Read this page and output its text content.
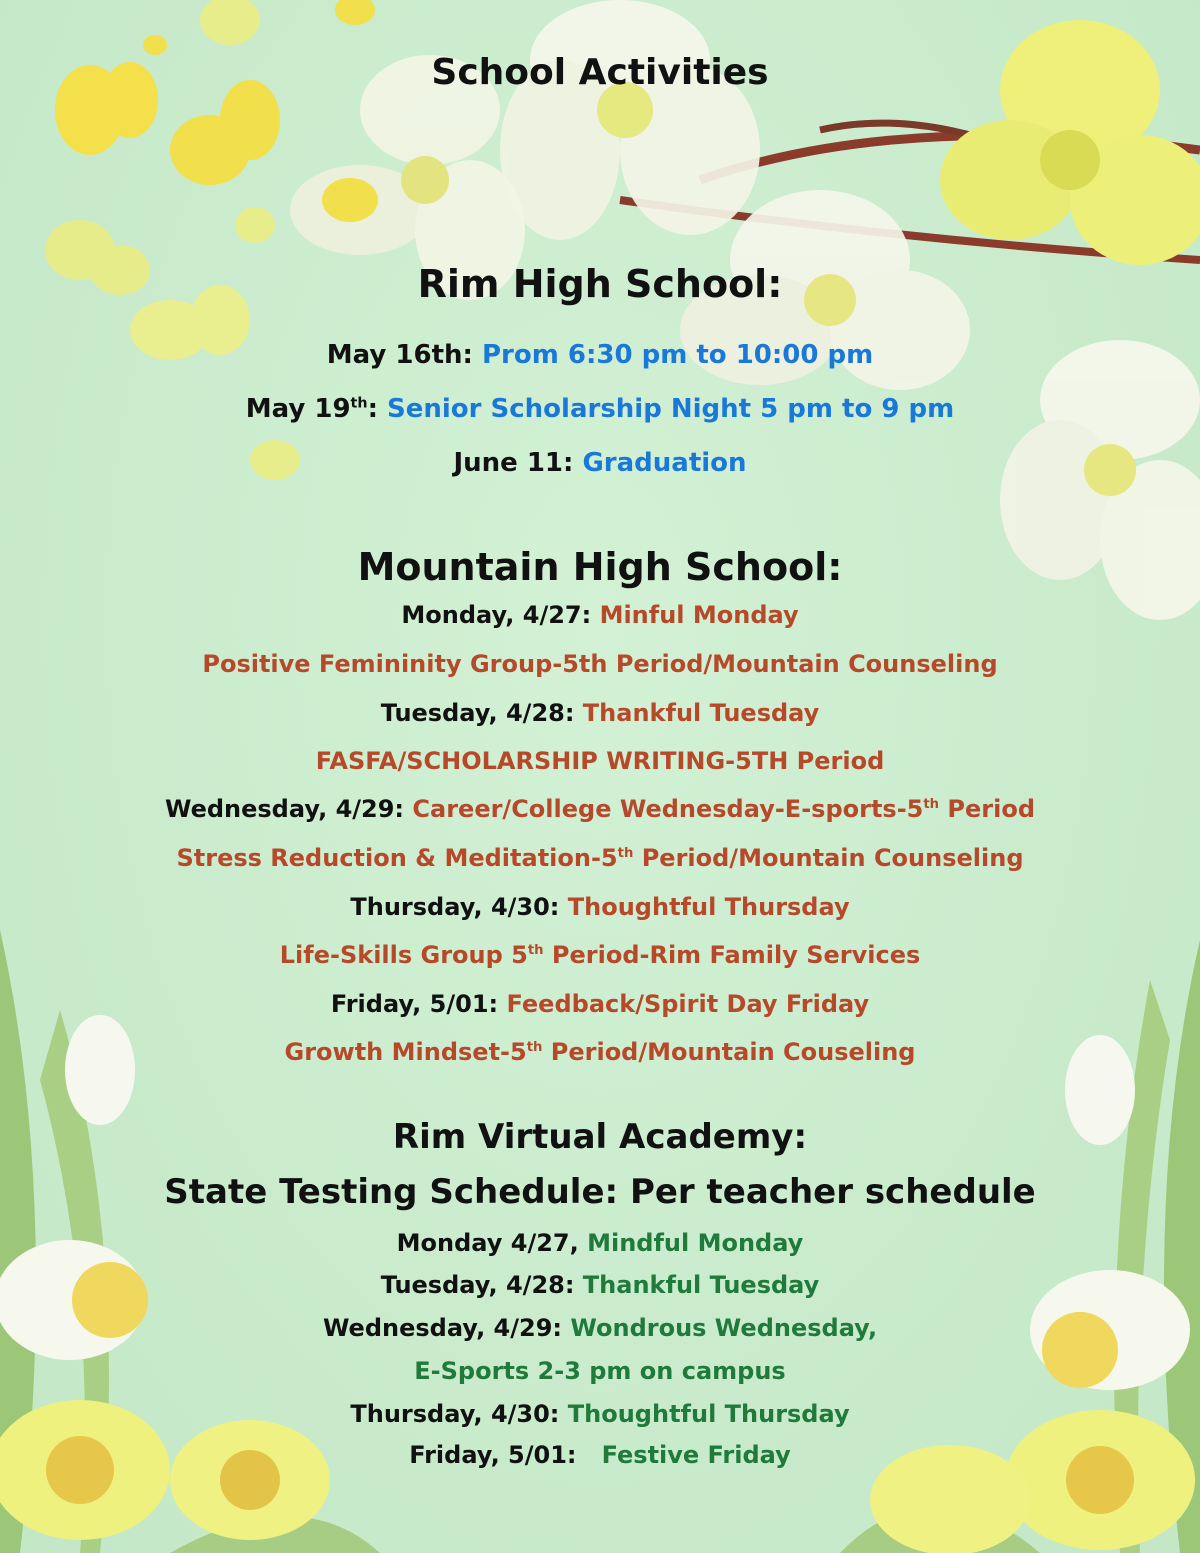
School Activities
Rim High School:
May 16th: Prom 6:30 pm to 10:00 pm
May 19th: Senior Scholarship Night 5 pm to 9 pm
June 11: Graduation
Mountain High School:
Monday, 4/27: Minful Monday
Positive Femininity Group-5th Period/Mountain Counseling
Tuesday, 4/28: Thankful Tuesday
FASFA/SCHOLARSHIP WRITING-5TH Period
Wednesday, 4/29: Career/College Wednesday-E-sports-5th Period
Stress Reduction & Meditation-5th Period/Mountain Counseling
Thursday, 4/30: Thoughtful Thursday
Life-Skills Group 5th Period-Rim Family Services
Friday, 5/01: Feedback/Spirit Day Friday
Growth Mindset-5th Period/Mountain Couseling
Rim Virtual Academy:
State Testing Schedule: Per teacher schedule
Monday 4/27, Mindful Monday
Tuesday, 4/28: Thankful Tuesday
Wednesday, 4/29: Wondrous Wednesday,
E-Sports 2-3 pm on campus
Thursday, 4/30: Thoughtful Thursday
Friday, 5/01:   Festive Friday
